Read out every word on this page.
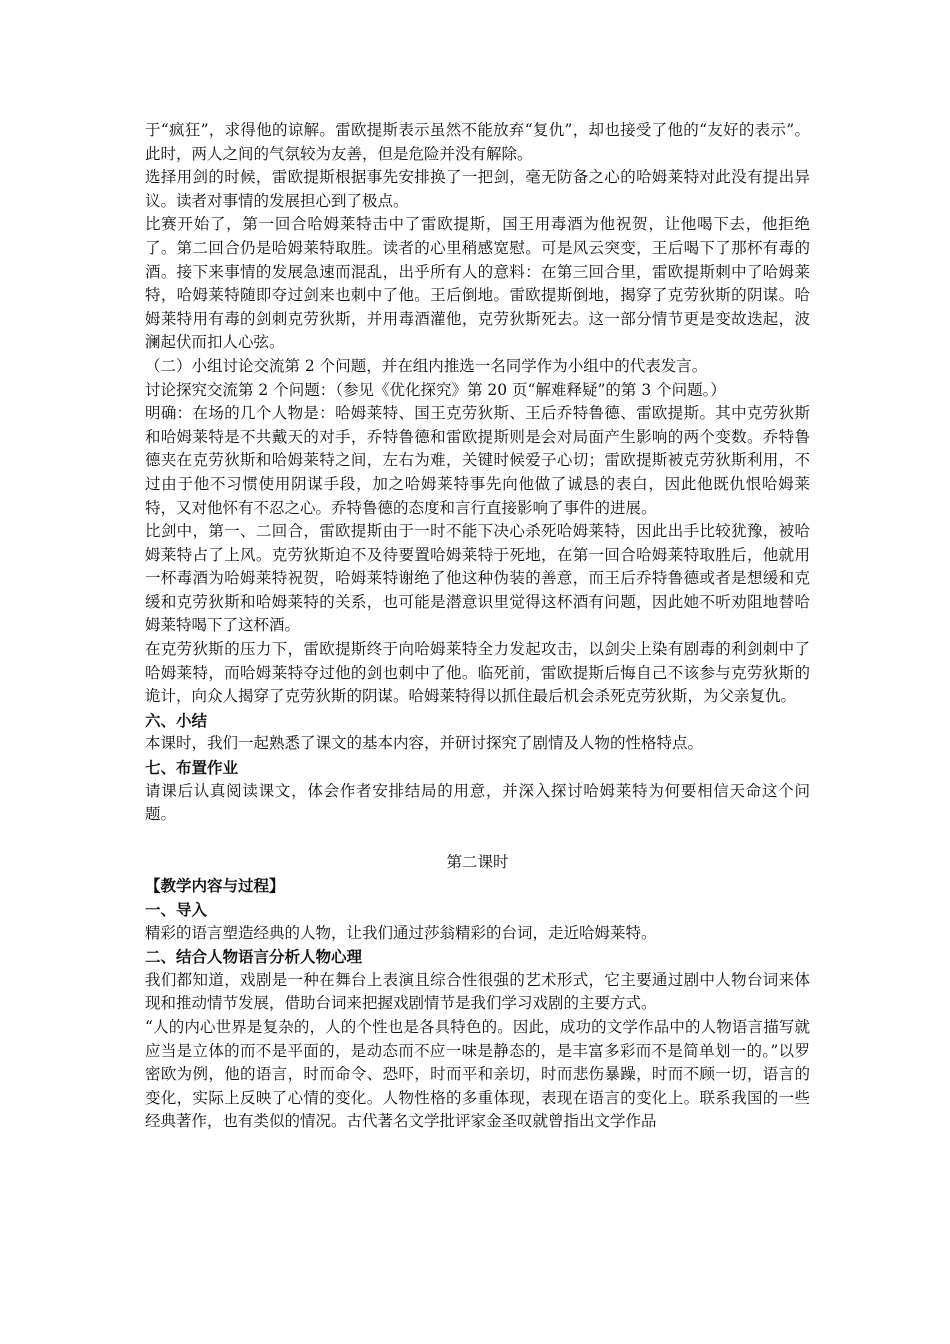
于“疯狂”，求得他的谅解。雷欧提斯表示虽然不能放弃“复仇”，却也接受了他的“友好的表示”。此时，两人之间的气氛较为友善，但是危险并没有解除。

选择用剑的时候，雷欧提斯根据事先安排换了一把剑，毫无防备之心的哈姆莱特对此没有提出异议。读者对事情的发展担心到了极点。

比赛开始了，第一回合哈姆莱特击中了雷欧提斯，国王用毒酒为他祝贺，让他喝下去，他拒绝了。第二回合仍是哈姆莱特取胜。读者的心里稍感宽慰。可是风云突变，王后喝下了那杯有毒的酒。接下来事情的发展急速而混乱，出乎所有人的意料：在第三回合里，雷欧提斯刺中了哈姆莱特，哈姆莱特随即夺过剑来也刺中了他。王后倒地。雷欧提斯倒地，揭穿了克劳狄斯的阴谋。哈姆莱特用有毒的剑刺克劳狄斯，并用毒酒灌他，克劳狄斯死去。这一部分情节更是变故迭起，波澜起伏而扣人心弦。

（二）小组讨论交流第 2 个问题，并在组内推选一名同学作为小组中的代表发言。

讨论探究交流第 2 个问题：（参见《优化探究》第 20 页“解难释疑”的第 3 个问题。）

明确：在场的几个人物是：哈姆莱特、国王克劳狄斯、王后乔特鲁德、雷欧提斯。其中克劳狄斯和哈姆莱特是不共戴天的对手，乔特鲁德和雷欧提斯则是会对局面产生影响的两个变数。乔特鲁德夹在克劳狄斯和哈姆莱特之间，左右为难，关键时候爱子心切；雷欧提斯被克劳狄斯利用，不过由于他不习惯使用阴谋手段，加之哈姆莱特事先向他做了诚恳的表白，因此他既仇恨哈姆莱特，又对他怀有不忍之心。乔特鲁德的态度和言行直接影响了事件的进展。

比剑中，第一、二回合，雷欧提斯由于一时不能下决心杀死哈姆莱特，因此出手比较犹豫，被哈姆莱特占了上风。克劳狄斯迫不及待要置哈姆莱特于死地，在第一回合哈姆莱特取胜后，他就用一杯毒酒为哈姆莱特祝贺，哈姆莱特谢绝了他这种伪装的善意，而王后乔特鲁德或者是想缓和克缓和克劳狄斯和哈姆莱特的关系，也可能是潜意识里觉得这杯酒有问题，因此她不听劝阻地替哈姆莱特喝下了这杯酒。

在克劳狄斯的压力下，雷欧提斯终于向哈姆莱特全力发起攻击，以剑尖上染有剧毒的利剑刺中了哈姆莱特，而哈姆莱特夺过他的剑也刺中了他。临死前，雷欧提斯后悔自己不该参与克劳狄斯的诡计，向众人揭穿了克劳狄斯的阴谋。哈姆莱特得以抓住最后机会杀死克劳狄斯，为父亲复仇。

六、小结

本课时，我们一起熟悉了课文的基本内容，并研讨探究了剧情及人物的性格特点。

七、布置作业

请课后认真阅读课文，体会作者安排结局的用意，并深入探讨哈姆莱特为何要相信天命这个问题。

第二课时

【教学内容与过程】

一、导入

精彩的语言塑造经典的人物，让我们通过莎翁精彩的台词，走近哈姆莱特。

二、结合人物语言分析人物心理

我们都知道，戏剧是一种在舞台上表演且综合性很强的艺术形式，它主要通过剧中人物台词来体现和推动情节发展，借助台词来把握戏剧情节是我们学习戏剧的主要方式。

“人的内心世界是复杂的，人的个性也是各具特色的。因此，成功的文学作品中的人物语言描写就应当是立体的而不是平面的，是动态而不应一味是静态的，是丰富多彩而不是简单划一的。”以罗密欧为例，他的语言，时而命令、恐吓，时而平和亲切，时而悲伤暴躁，时而不顾一切，语言的变化，实际上反映了心情的变化。人物性格的多重体现，表现在语言的变化上。联系我国的一些经典著作，也有类似的情况。古代著名文学批评家金圣叹就曾指出文学作品
